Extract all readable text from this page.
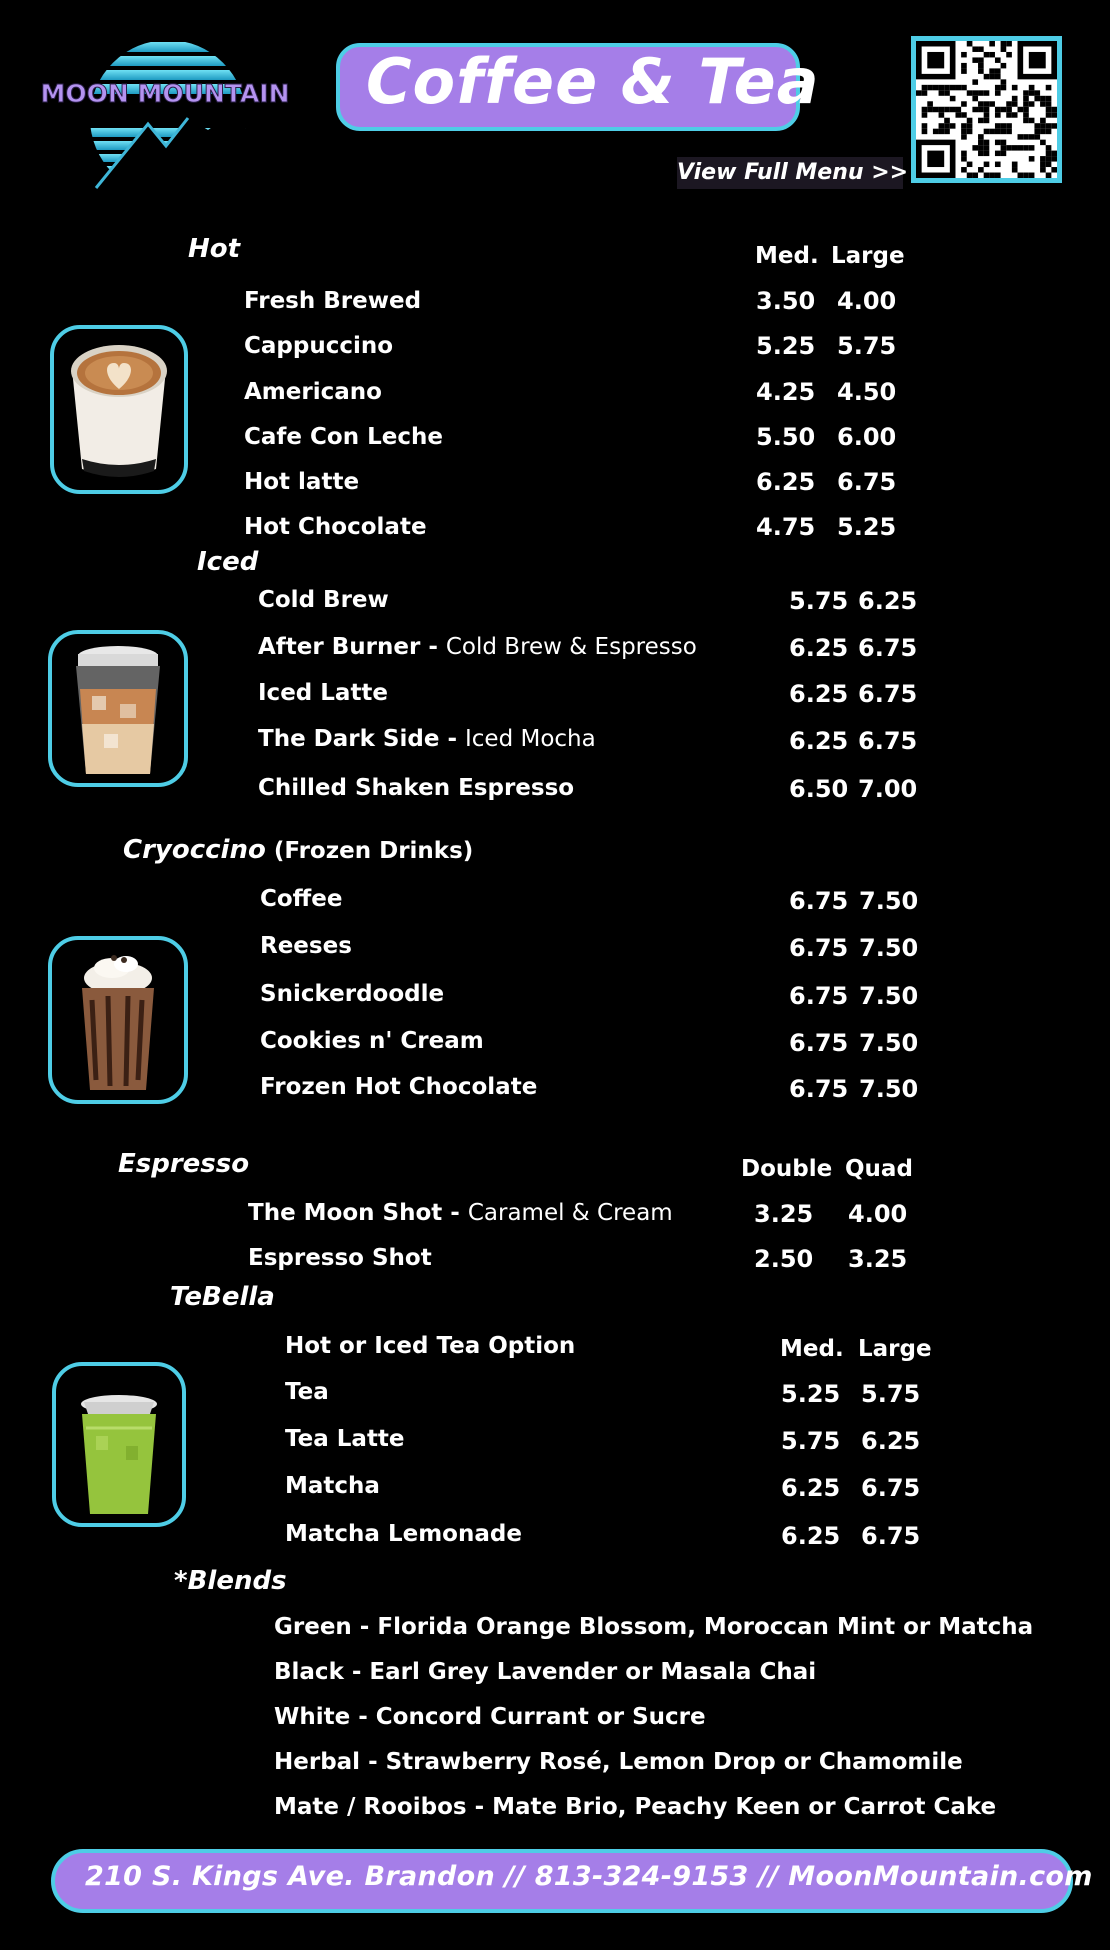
MOON MOUNTAIN Coffee & Tea
View Full Menu >>
Hot	Med. Large
Fresh Brewed	3.50 4.00
Cappuccino	5.25 5.75
Americano	4.25 4.50
Cafe Con Leche	5.50 6.00
Hot latte	6.25 6.75
Hot Chocolate	4.75 5.25
Iced
Cold Brew	5.75 6.25
After Burner - Cold Brew & Espresso	6.25 6.75
Iced Latte	6.25 6.75
The Dark Side - Iced Mocha	6.25 6.75
Chilled Shaken Espresso	6.50 7.00
Cryoccino (Frozen Drinks)
Coffee	6.75 7.50
Reeses	6.75 7.50
Snickerdoodle	6.75 7.50
Cookies n' Cream	6.75 7.50
Frozen Hot Chocolate	6.75 7.50
Espresso	Double Quad
The Moon Shot - Caramel & Cream	3.25 4.00
Espresso Shot	2.50 3.25
TeBella
Hot or Iced Tea Option	Med. Large
Tea	5.25 5.75
Tea Latte	5.75 6.25
Matcha	6.25 6.75
Matcha Lemonade	6.25 6.75
*Blends
Green - Florida Orange Blossom, Moroccan Mint or Matcha
Black - Earl Grey Lavender or Masala Chai
White - Concord Currant or Sucre
Herbal - Strawberry Rosé, Lemon Drop or Chamomile
Mate / Rooibos - Mate Brio, Peachy Keen or Carrot Cake
210 S. Kings Ave. Brandon // 813-324-9153 // MoonMountain.com
